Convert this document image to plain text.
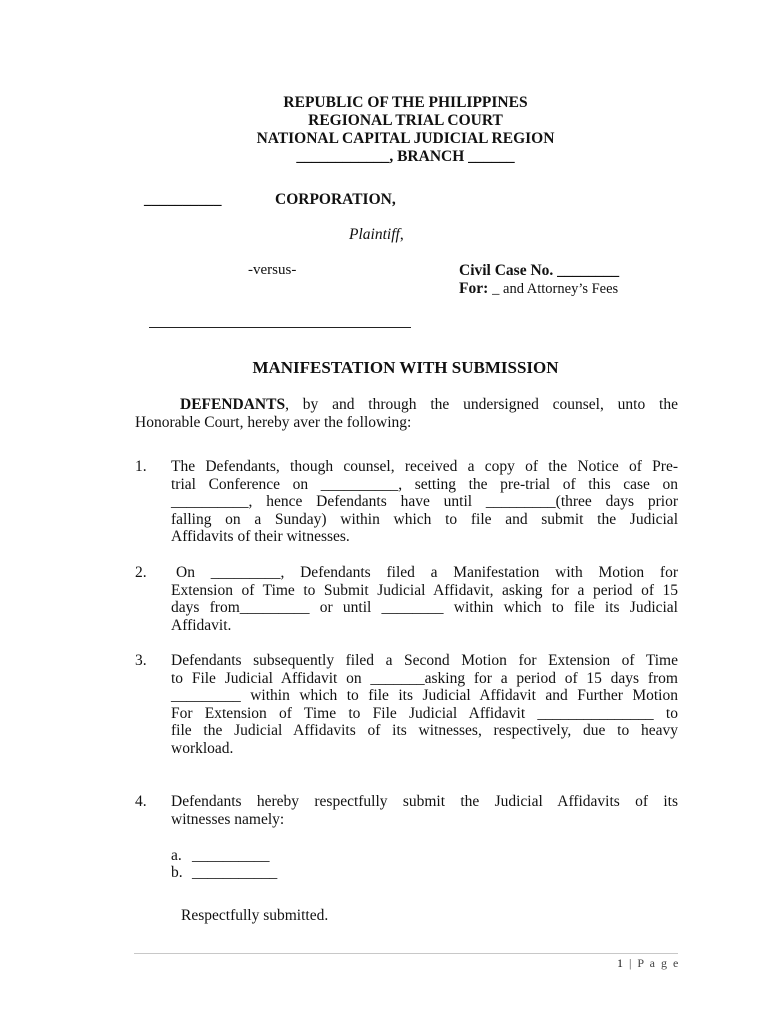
REPUBLIC OF THE PHILIPPINES
REGIONAL TRIAL COURT
NATIONAL CAPITAL JUDICIAL REGION
____________, BRANCH ______
__________	CORPORATION,
Plaintiff,
-versus-	Civil Case No. ________
For: _ and Attorney’s Fees
MANIFESTATION WITH SUBMISSION
DEFENDANTS, by and through the undersigned counsel, unto the
Honorable Court, hereby aver the following:
1. The Defendants, though counsel, received a copy of the Notice of Pre-
trial Conference on __________, setting the pre-trial of this case on
__________, hence Defendants have until _________(three days prior
falling on a Sunday) within which to file and submit the Judicial
Affidavits of their witnesses.
2.	On _________, Defendants filed a Manifestation with Motion for
Extension of Time to Submit Judicial Affidavit, asking for a period of 15
days from_________ or until ________ within which to file its Judicial
Affidavit.
3. Defendants subsequently filed a Second Motion for Extension of Time
to File Judicial Affidavit on _______asking for a period of 15 days from
_________ within which to file its Judicial Affidavit and Further Motion
For Extension of Time to File Judicial Affidavit _______________ to
file the Judicial Affidavits of its witnesses, respectively, due to heavy
workload.
4. Defendants hereby respectfully submit the Judicial Affidavits of its
witnesses namely:
a. __________
b. ___________
Respectfully submitted.
1 | P a g e
